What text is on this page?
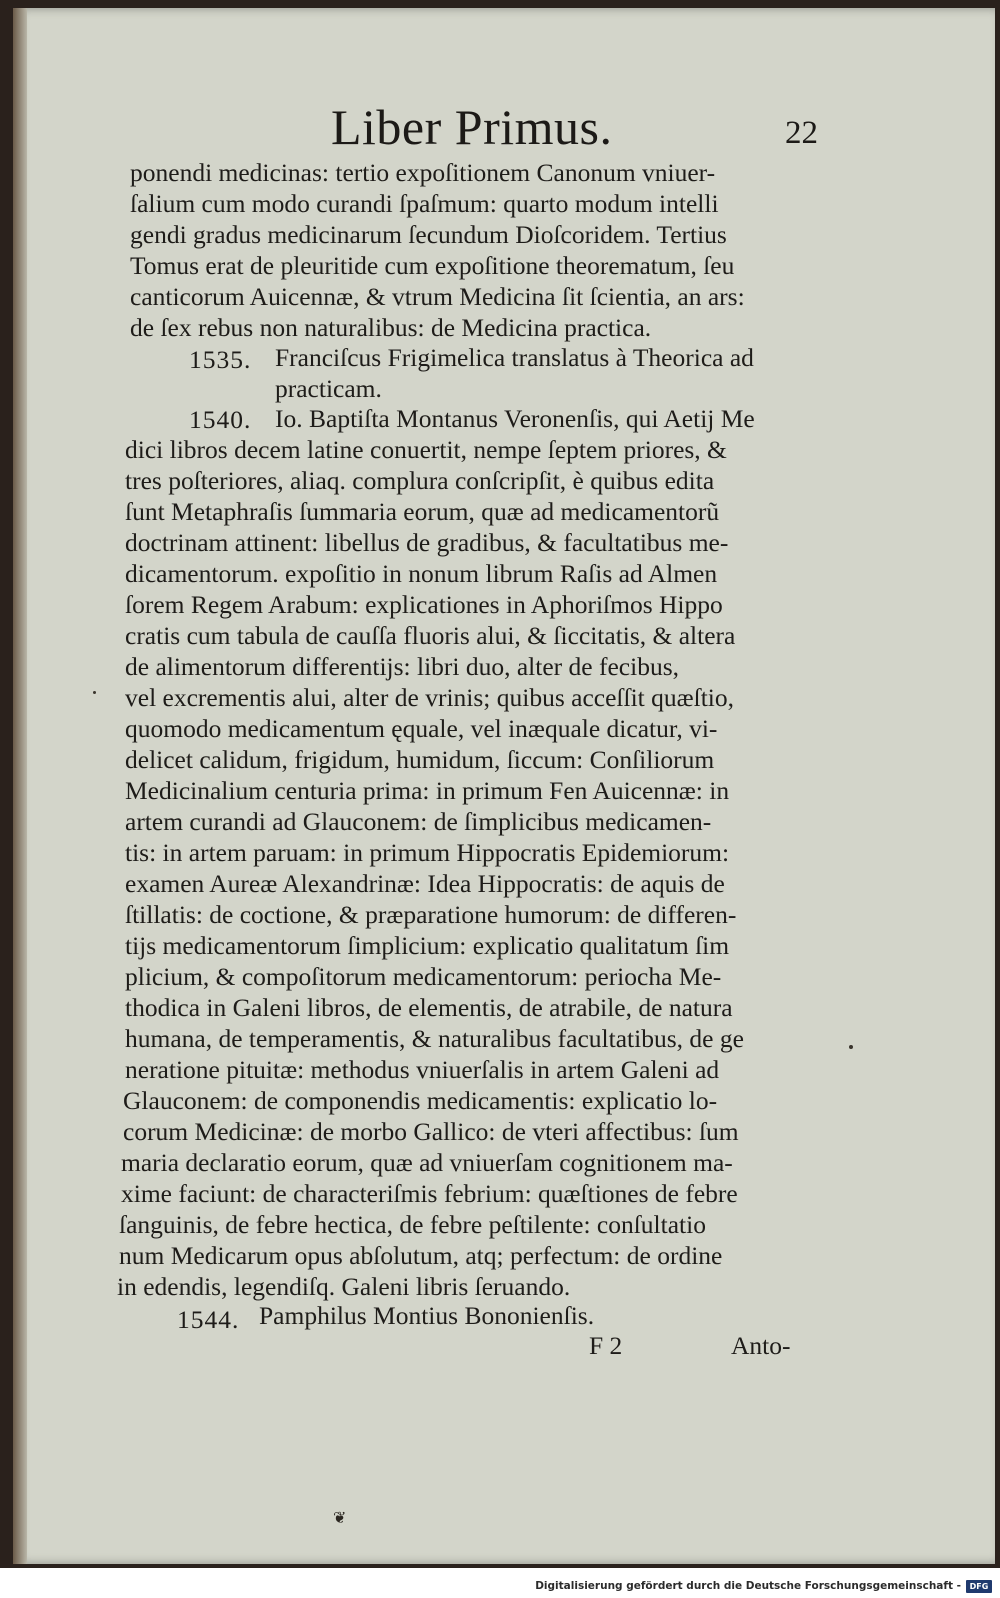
Liber Primus.	22
ponendi medicinas: tertio expoſitionem Canonum vniuer-
ſalium cum modo curandi ſpaſmum: quarto modum intelli
gendi gradus medicinarum ſecundum Dioſcoridem. Tertius
Tomus erat de pleuritide cum expoſitione theorematum, ſeu
canticorum Auicennæ, & vtrum Medicina ſit ſcientia, an ars:
de ſex rebus non naturalibus: de Medicina practica.
1535. Franciſcus Frigimelica translatus à Theorica ad
practicam.
1540. Io. Baptiſta Montanus Veronenſis, qui Aetij Me
dici libros decem latine conuertit, nempe ſeptem priores, &
tres poſteriores, aliaq. complura conſcripſit, è quibus edita
ſunt Metaphraſis ſummaria eorum, quæ ad medicamentorũ
doctrinam attinent: libellus de gradibus, & facultatibus me-
dicamentorum. expoſitio in nonum librum Raſis ad Almen
ſorem Regem Arabum: explicationes in Aphoriſmos Hippo
cratis cum tabula de cauſſa fluoris alui, & ſiccitatis, & altera
de alimentorum differentijs: libri duo, alter de fecibus,
vel excrementis alui, alter de vrinis; quibus acceſſit quæſtio,
quomodo medicamentum ęquale, vel inæquale dicatur, vi-
delicet calidum, frigidum, humidum, ſiccum: Conſiliorum
Medicinalium centuria prima: in primum Fen Auicennæ: in
artem curandi ad Glauconem: de ſimplicibus medicamen-
tis: in artem paruam: in primum Hippocratis Epidemiorum:
examen Aureæ Alexandrinæ: Idea Hippocratis: de aquis de
ſtillatis: de coctione, & præparatione humorum: de differen-
tijs medicamentorum ſimplicium: explicatio qualitatum ſim
plicium, & compoſitorum medicamentorum: periocha Me-
thodica in Galeni libros, de elementis, de atrabile, de natura
humana, de temperamentis, & naturalibus facultatibus, de ge
neratione pituitæ: methodus vniuerſalis in artem Galeni ad
Glauconem: de componendis medicamentis: explicatio lo-
corum Medicinæ: de morbo Gallico: de vteri affectibus: ſum
maria declaratio eorum, quæ ad vniuerſam cognitionem ma-
xime faciunt: de characteriſmis febrium: quæſtiones de febre
ſanguinis, de febre hectica, de febre peſtilente: conſultatio
num Medicarum opus abſolutum, atq; perfectum: de ordine
in edendis, legendiſq. Galeni libris ſeruando.
1544. Pamphilus Montius Bononienſis.
F 2	Anto-
❦
Digitalisierung gefördert durch die Deutsche Forschungsgemeinschaft -	DFG
